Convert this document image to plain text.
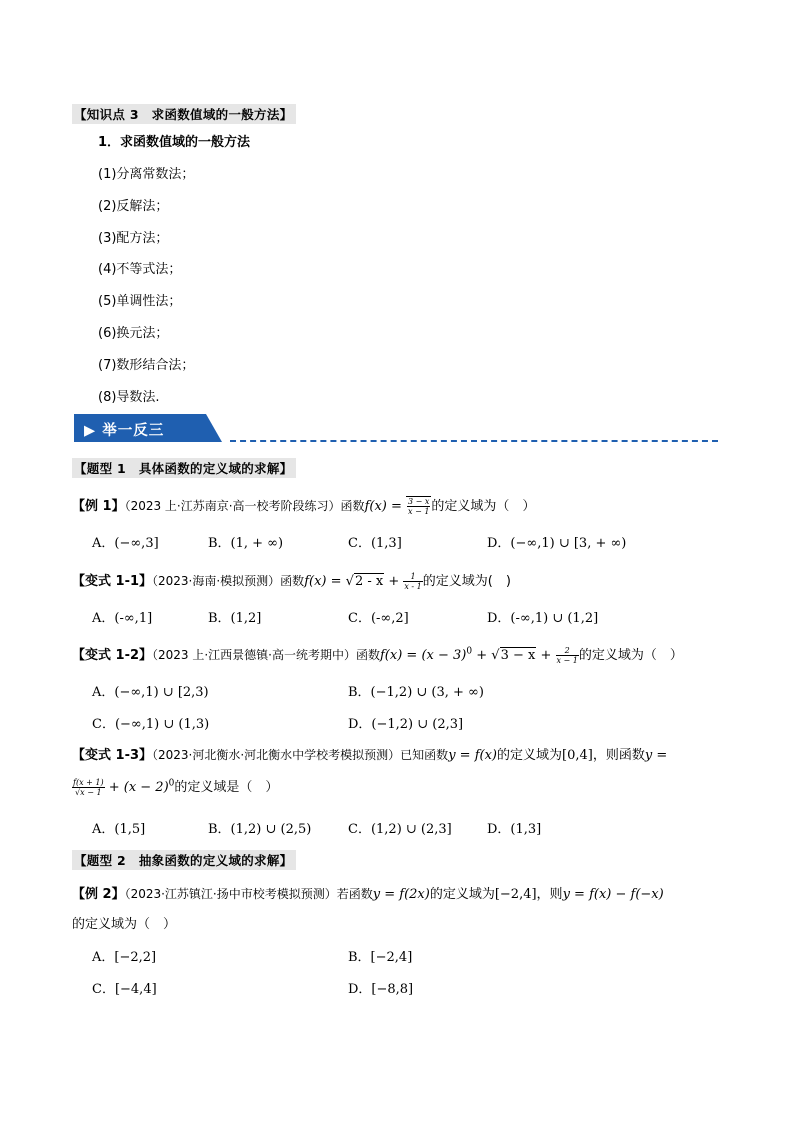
【知识点 3　求函数值域的一般方法】
1．求函数值域的一般方法
(1)分离常数法；
(2)反解法；
(3)配方法；
(4)不等式法；
(5)单调性法；
(6)换元法；
(7)数形结合法；
(8)导数法.
▶ 举一反三
【题型 1　具体函数的定义域的求解】
【例 1】（2023 上·江苏南京·高一校考阶段练习）函数$f(x) = \frac{3 - x}{x - 1}$ 的定义域为（　）
A．(−∞,3]	B．(1, + ∞)	C．(1,3]	D．(−∞,1) ∪ [3, + ∞)
【变式 1-1】（2023·海南·模拟预测）函数$f(x) = √2 - x + \frac{1}{x - 1}$ 的定义域为(　)
A．(-∞,1]	B．(1,2]	C．(-∞,2]	D．(-∞,1) ∪ (1,2]
【变式 1-2】（2023 上·江西景德镇·高一统考期中）函数$f(x) = (x - 3)^0 + √3 - x + \frac{2}{x - 1}$ 的定义域为（　）
A．(−∞,1) ∪ [2,3)	B．(−1,2) ∪ (3, + ∞)
C．(−∞,1) ∪ (1,3)	D．(−1,2) ∪ (2,3]
【变式 1-3】（2023·河北衡水·河北衡水中学校考模拟预测）已知函数y = f(x)的定义域为[0,4]，则函数y =
$\frac{f(x + 1)}{√x - 1} + (x - 2)^0$的定义域是（　）
A．(1,5]	B．(1,2) ∪ (2,5)	C．(1,2) ∪ (2,3]	D．(1,3]
【题型 2　抽象函数的定义域的求解】
【例 2】（2023·江苏镇江·扬中市校考模拟预测）若函数y = f(2x)的定义域为[−2,4]，则y = f(x) − f(−x)
的定义域为（　）
A．[−2,2]	B．[−2,4]
C．[−4,4]	D．[−8,8]
